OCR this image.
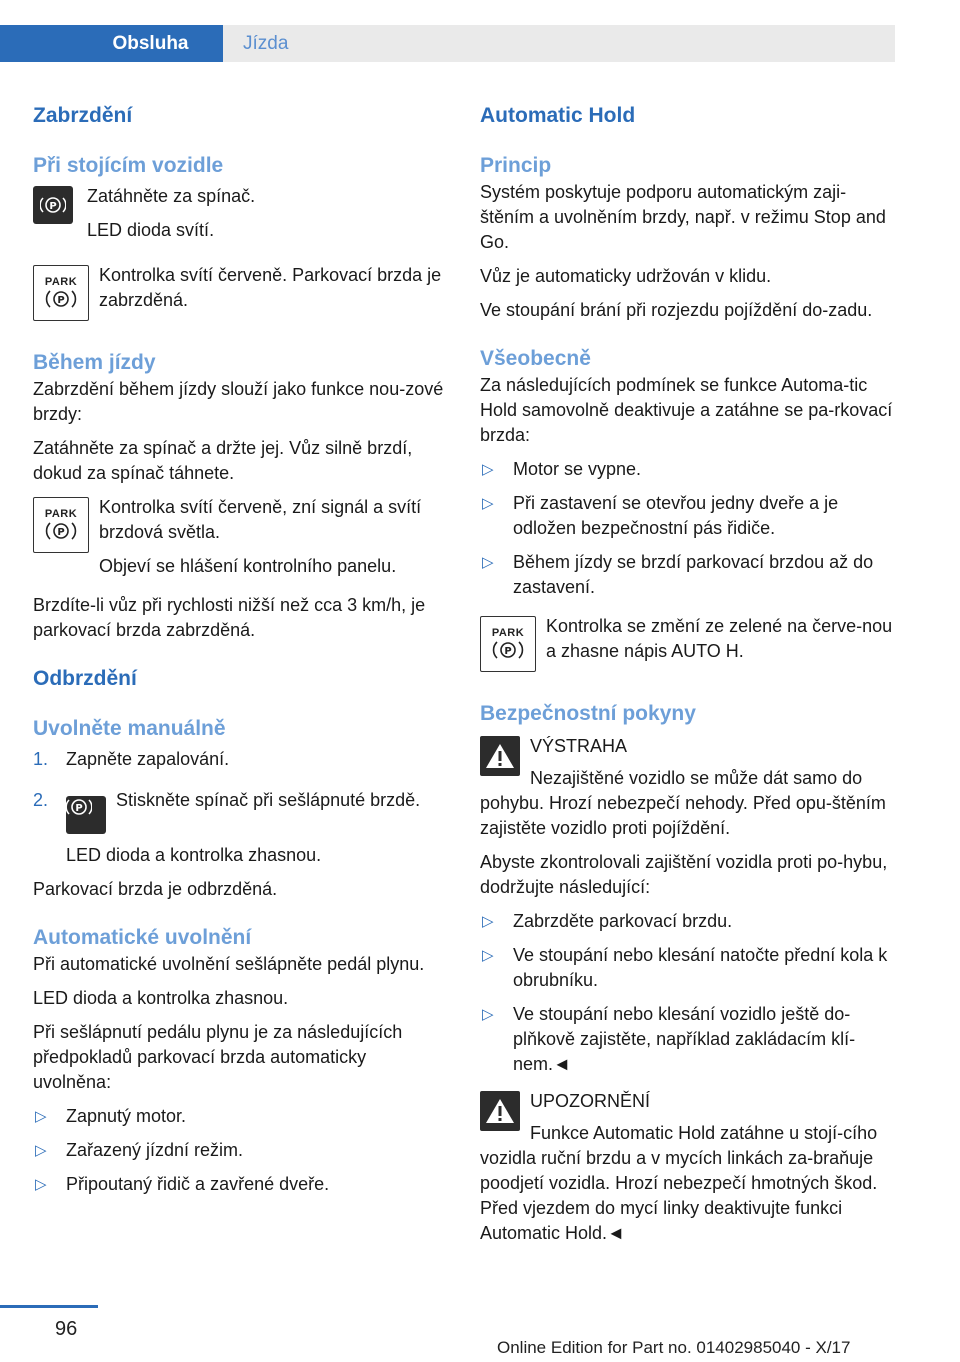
Obsluha	Jízda
Zabrzdění
Při stojícím vozidle
P

Zatáhněte za spínač.

LED dioda svítí.

PARK
P

Kontrolka svítí červeně. Parkovací brzda je zabrzděná.

Během jízdy

Zabrzdění během jízdy slouží jako funkce nou-zové brzdy:

Zatáhněte za spínač a držte jej. Vůz silně brzdí, dokud za spínač táhnete.

PARK
P

Kontrolka svítí červeně, zní signál a svítí brzdová světla.

Objeví se hlášení kontrolního panelu.

Brzdíte-li vůz při rychlosti nižší než cca 3 km/h, je parkovací brzda zabrzděná.

Odbrzdění
Uvolněte manuálně
1. Zapněte zapalování.
2.	P Stiskněte spínač při sešlápnuté brzdě.

LED dioda a kontrolka zhasnou.

Parkovací brzda je odbrzděná.

Automatické uvolnění

Při automatické uvolnění sešlápněte pedál plynu.

LED dioda a kontrolka zhasnou.

Při sešlápnutí pedálu plynu je za následujících předpokladů parkovací brzda automaticky uvolněna:

▷ Zapnutý motor.
▷ Zařazený jízdní režim.
▷ Připoutaný řidič a zavřené dveře.
Automatic Hold
Princip

Systém poskytuje podporu automatickým zaji-štěním a uvolněním brzdy, např. v režimu Stop and Go.

Vůz je automaticky udržován v klidu.

Ve stoupání brání při rozjezdu pojíždění do-zadu.

Všeobecně

Za následujících podmínek se funkce Automa-tic Hold samovolně deaktivuje a zatáhne se pa-rkovací brzda:

▷ Motor se vypne.
▷ Při zastavení se otevřou jedny dveře a je odložen bezpečnostní pás řidiče.
▷ Během jízdy se brzdí parkovací brzdou až do zastavení.
PARK
P

Kontrolka se změní ze zelené na červe-nou a zhasne nápis AUTO H.

Bezpečnostní pokyny

VÝSTRAHA

Nezajištěné vozidlo se může dát samo do pohybu. Hrozí nebezpečí nehody. Před opu-štěním zajistěte vozidlo proti pojíždění.

Abyste zkontrolovali zajištění vozidla proti po-hybu, dodržujte následující:

▷ Zabrzděte parkovací brzdu.
▷ Ve stoupání nebo klesání natočte přední kola k obrubníku.
▷ Ve stoupání nebo klesání vozidlo ještě do-plňkově zajistěte, například zakládacím klí-nem.◄

UPOZORNĚNÍ

Funkce Automatic Hold zatáhne u stojí-cího vozidla ruční brzdu a v mycích linkách za-braňuje poodjetí vozidla. Hrozí nebezpečí hmotných škod. Před vjezdem do mycí linky deaktivujte funkci Automatic Hold.◄

96
Online Edition for Part no. 01402985040 - X/17
